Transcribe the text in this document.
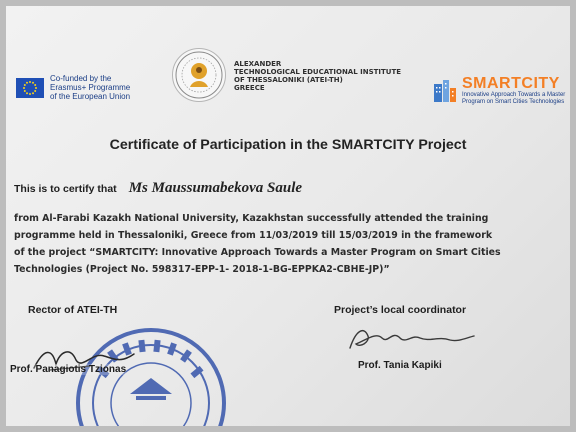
Co-funded by the
Erasmus+ Programme
of the European Union
ALEXANDER
TECHNOLOGICAL EDUCATIONAL INSTITUTE
OF THESSALONIKI (ATEI-TH)
GREECE	SMARTCITY
Innovative Approach Towards a Master
Program on Smart Cities Technologies
Certificate of Participation in the SMARTCITY Project
This is to certify that Ms Maussumabekova Saule
from Al-Farabi Kazakh National University, Kazakhstan successfully attended the training
programme held in Thessaloniki, Greece from 11/03/2019 till 15/03/2019 in the framework
of the project “SMARTCITY: Innovative Approach Towards a Master Program on Smart Cities
Technologies (Project No. 598317-EPP-1- 2018-1-BG-EPPKA2-CBHE-JP)”
Rector of ATEI-TH	Project’s local coordinator
Prof. Panagiotis Tzionas	Prof. Tania Kapiki
